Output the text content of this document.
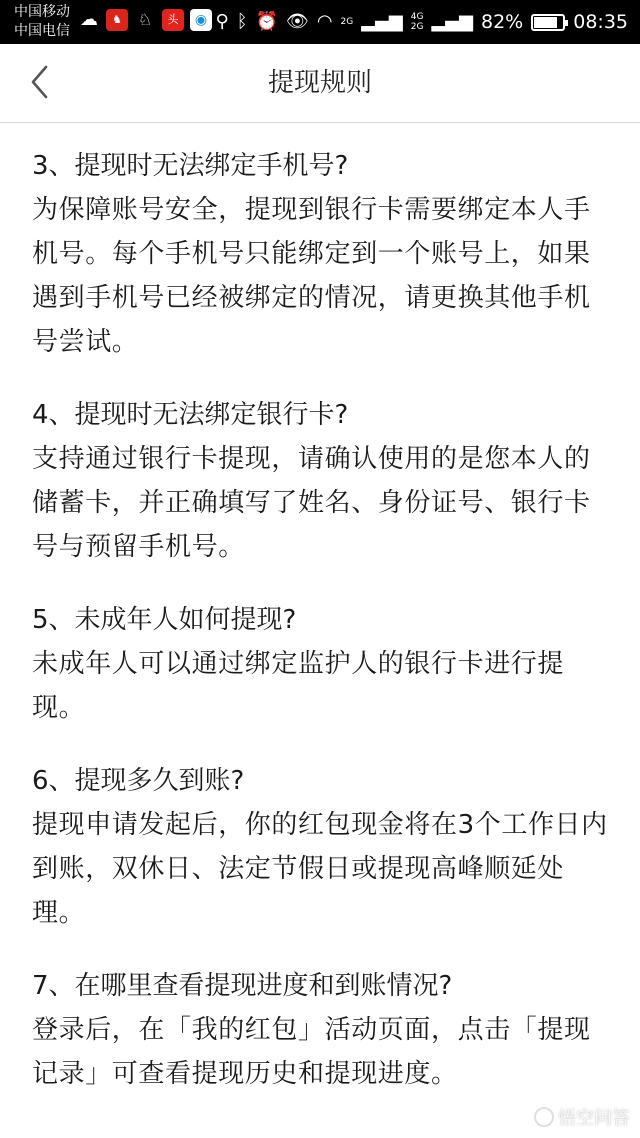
中国移动
中国电信
☁	♞ ♘	头	◉ ⚲ ᛒ ⏰ 👁 ◠ 2G ▂▄▆ 4G
2G ▂▄▆ 82%	08:35
提现规则

3、提现时无法绑定手机号?

为保障账号安全，提现到银行卡需要绑定本人手机号。每个手机号只能绑定到一个账号上，如果遇到手机号已经被绑定的情况，请更换其他手机号尝试。

4、提现时无法绑定银行卡?

支持通过银行卡提现，请确认使用的是您本人的储蓄卡，并正确填写了姓名、身份证号、银行卡号与预留手机号。

5、未成年人如何提现?

未成年人可以通过绑定监护人的银行卡进行提现。

6、提现多久到账?

提现申请发起后，你的红包现金将在3个工作日内到账，双休日、法定节假日或提现高峰顺延处理。

7、在哪里查看提现进度和到账情况?

登录后，在「我的红包」活动页面，点击「提现记录」可查看提现历史和提现进度。

悟空问答
